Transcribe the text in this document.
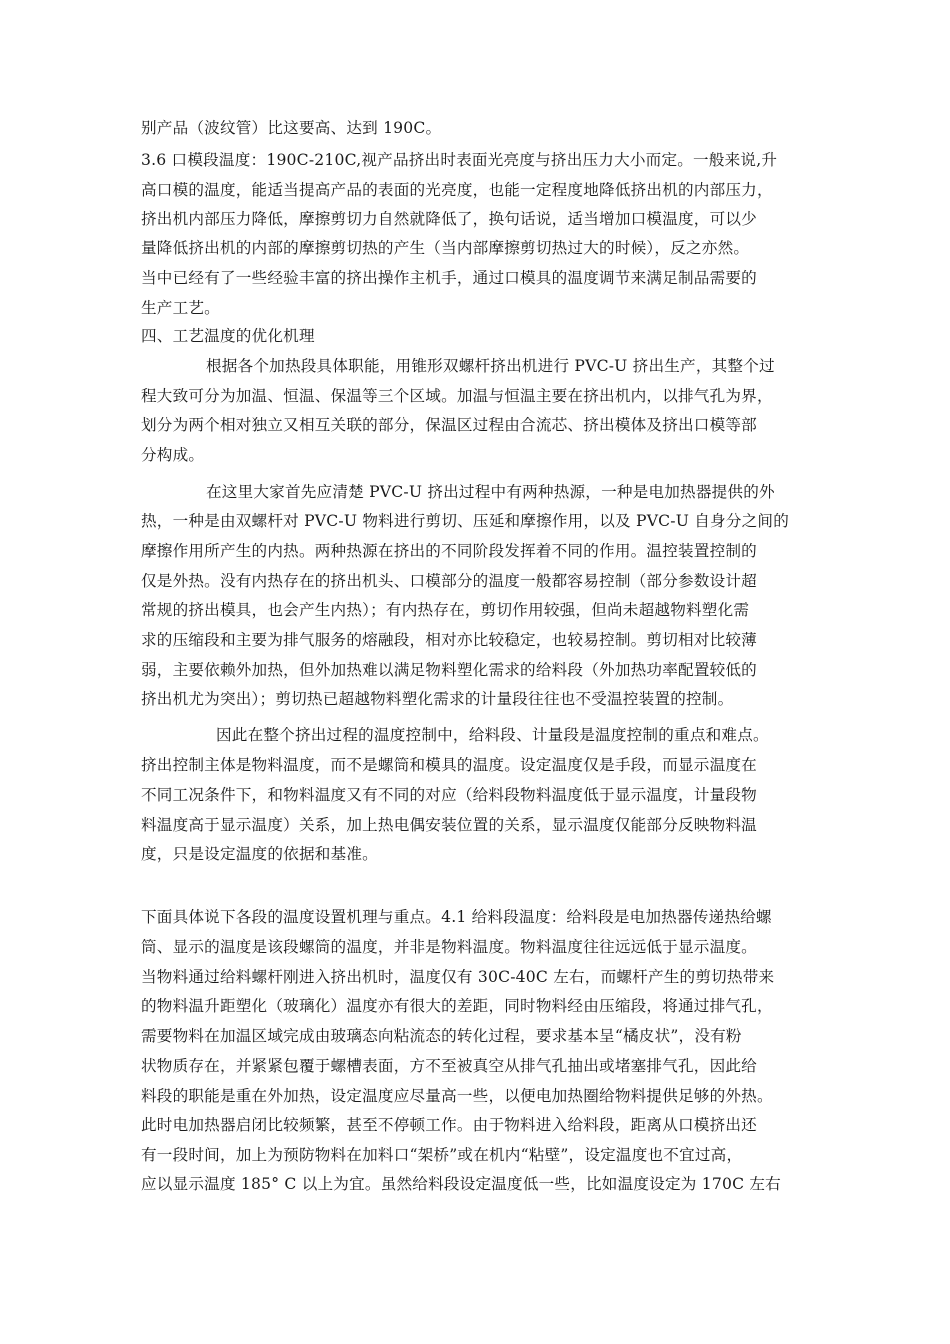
别产品（波纹管）比这要高、达到 190C。
3.6 口模段温度：190C-210C,视产品挤出时表面光亮度与挤出压力大小而定。一般来说,升
高口模的温度，能适当提高产品的表面的光亮度，也能一定程度地降低挤出机的内部压力，
挤出机内部压力降低，摩擦剪切力自然就降低了，换句话说，适当增加口模温度，可以少
量降低挤出机的内部的摩擦剪切热的产生（当内部摩擦剪切热过大的时候），反之亦然。
当中已经有了一些经验丰富的挤出操作主机手，通过口模具的温度调节来满足制品需要的
生产工艺。
四、工艺温度的优化机理
根据各个加热段具体职能，用锥形双螺杆挤出机进行 PVC-U 挤出生产，其整个过
程大致可分为加温、恒温、保温等三个区域。加温与恒温主要在挤出机内，以排气孔为界，
划分为两个相对独立又相互关联的部分，保温区过程由合流芯、挤出模体及挤出口模等部
分构成。
在这里大家首先应清楚 PVC-U 挤出过程中有两种热源，一种是电加热器提供的外
热，一种是由双螺杆对 PVC-U 物料进行剪切、压延和摩擦作用，以及 PVC-U 自身分之间的
摩擦作用所产生的内热。两种热源在挤出的不同阶段发挥着不同的作用。温控装置控制的
仅是外热。没有内热存在的挤出机头、口模部分的温度一般都容易控制（部分参数设计超
常规的挤出模具，也会产生内热）；有内热存在，剪切作用较强，但尚未超越物料塑化需
求的压缩段和主要为排气服务的熔融段，相对亦比较稳定，也较易控制。剪切相对比较薄
弱，主要依赖外加热，但外加热难以满足物料塑化需求的给料段（外加热功率配置较低的
挤出机尤为突出）；剪切热已超越物料塑化需求的计量段往往也不受温控装置的控制。
因此在整个挤出过程的温度控制中，给料段、计量段是温度控制的重点和难点。
挤出控制主体是物料温度，而不是螺筒和模具的温度。设定温度仅是手段，而显示温度在
不同工况条件下，和物料温度又有不同的对应（给料段物料温度低于显示温度，计量段物
料温度高于显示温度）关系，加上热电偶安装位置的关系，显示温度仅能部分反映物料温
度，只是设定温度的依据和基准。
下面具体说下各段的温度设置机理与重点。4.1 给料段温度：给料段是电加热器传递热给螺
筒、显示的温度是该段螺筒的温度，并非是物料温度。物料温度往往远远低于显示温度。
当物料通过给料螺杆刚进入挤出机时，温度仅有 30C-40C 左右，而螺杆产生的剪切热带来
的物料温升距塑化（玻璃化）温度亦有很大的差距，同时物料经由压缩段，将通过排气孔，
需要物料在加温区域完成由玻璃态向粘流态的转化过程，要求基本呈“橘皮状”，没有粉
状物质存在，并紧紧包覆于螺槽表面，方不至被真空从排气孔抽出或堵塞排气孔，因此给
料段的职能是重在外加热，设定温度应尽量高一些，以便电加热圈给物料提供足够的外热。
此时电加热器启闭比较频繁，甚至不停顿工作。由于物料进入给料段，距离从口模挤出还
有一段时间，加上为预防物料在加料口“架桥”或在机内“粘壁”，设定温度也不宜过高，
应以显示温度 185° C 以上为宜。虽然给料段设定温度低一些，比如温度设定为 170C 左右
